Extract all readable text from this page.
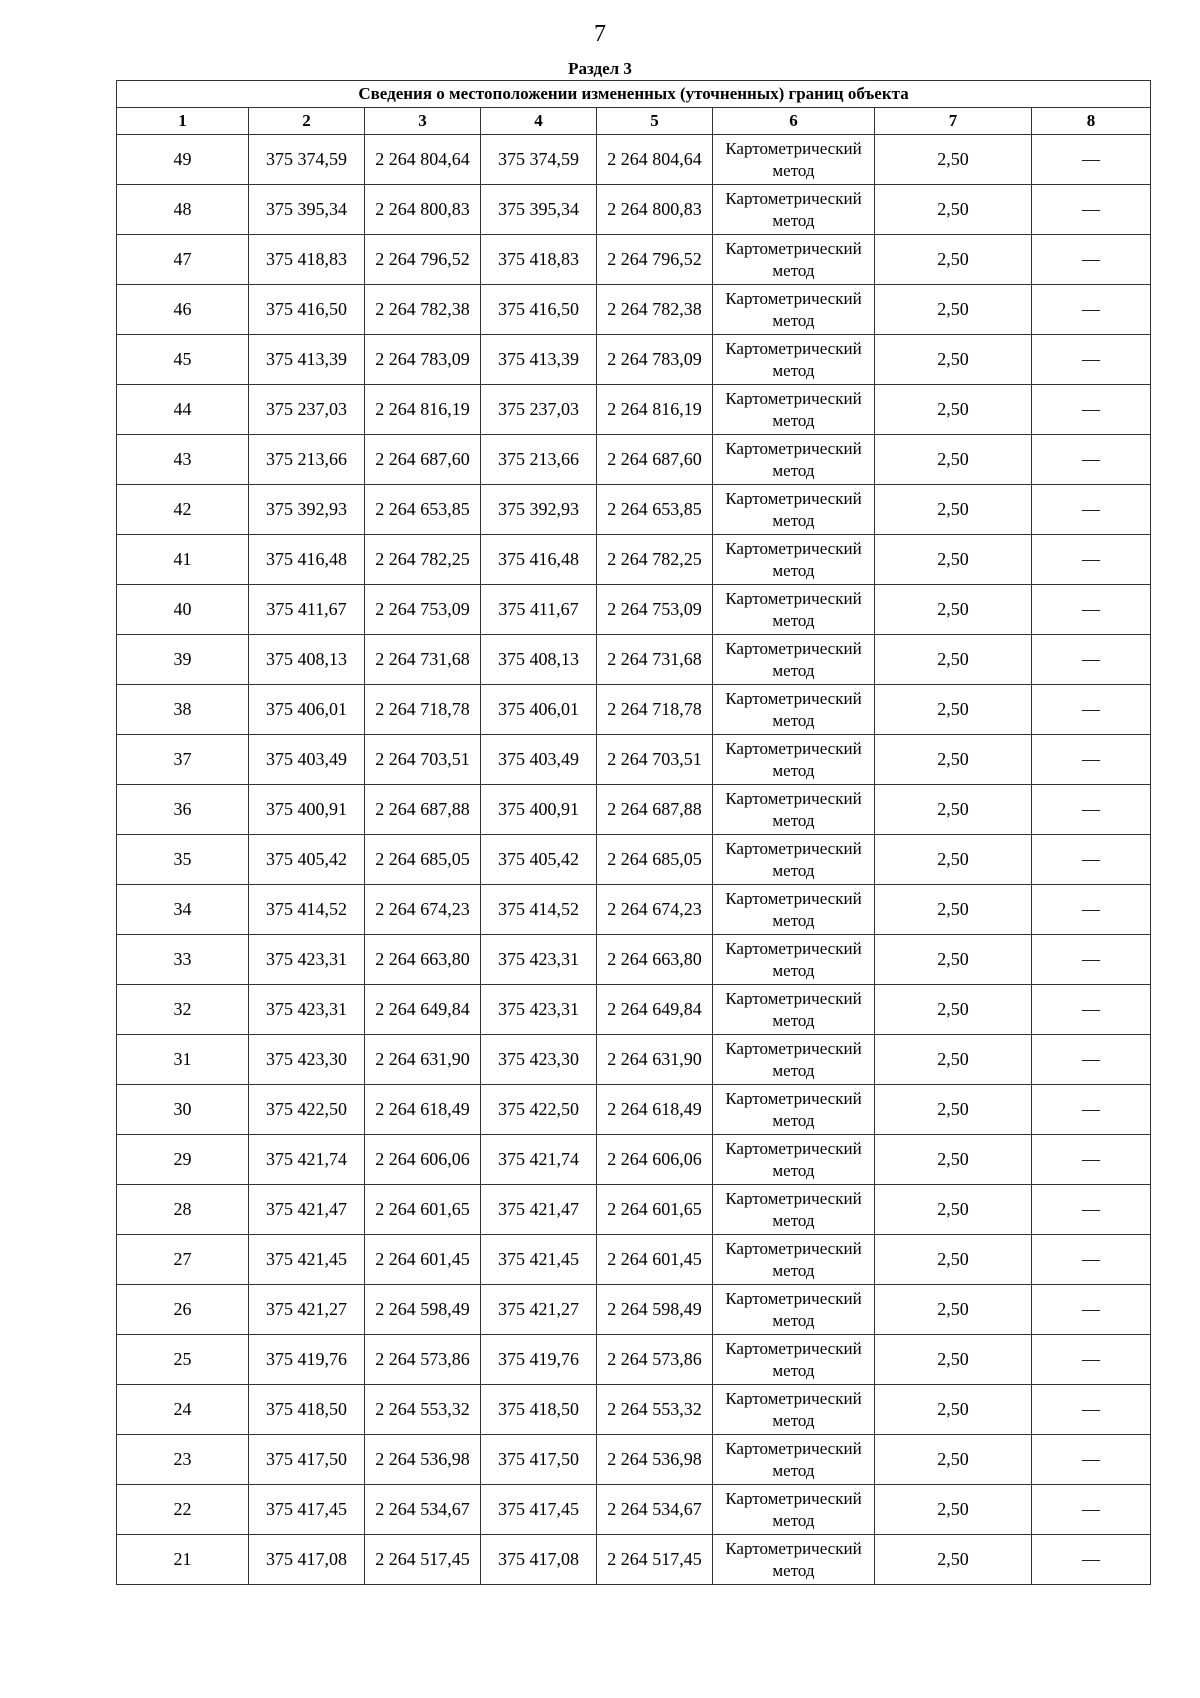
7
Раздел 3
Сведения о местоположении измененных (уточненных) границ объекта							
1	2	3	4	5	6	7	8
49	375 374,59	2 264 804,64	375 374,59	2 264 804,64	Картометрический метод	2,50	—
48	375 395,34	2 264 800,83	375 395,34	2 264 800,83	Картометрический метод	2,50	—
47	375 418,83	2 264 796,52	375 418,83	2 264 796,52	Картометрический метод	2,50	—
46	375 416,50	2 264 782,38	375 416,50	2 264 782,38	Картометрический метод	2,50	—
45	375 413,39	2 264 783,09	375 413,39	2 264 783,09	Картометрический метод	2,50	—
44	375 237,03	2 264 816,19	375 237,03	2 264 816,19	Картометрический метод	2,50	—
43	375 213,66	2 264 687,60	375 213,66	2 264 687,60	Картометрический метод	2,50	—
42	375 392,93	2 264 653,85	375 392,93	2 264 653,85	Картометрический метод	2,50	—
41	375 416,48	2 264 782,25	375 416,48	2 264 782,25	Картометрический метод	2,50	—
40	375 411,67	2 264 753,09	375 411,67	2 264 753,09	Картометрический метод	2,50	—
39	375 408,13	2 264 731,68	375 408,13	2 264 731,68	Картометрический метод	2,50	—
38	375 406,01	2 264 718,78	375 406,01	2 264 718,78	Картометрический метод	2,50	—
37	375 403,49	2 264 703,51	375 403,49	2 264 703,51	Картометрический метод	2,50	—
36	375 400,91	2 264 687,88	375 400,91	2 264 687,88	Картометрический метод	2,50	—
35	375 405,42	2 264 685,05	375 405,42	2 264 685,05	Картометрический метод	2,50	—
34	375 414,52	2 264 674,23	375 414,52	2 264 674,23	Картометрический метод	2,50	—
33	375 423,31	2 264 663,80	375 423,31	2 264 663,80	Картометрический метод	2,50	—
32	375 423,31	2 264 649,84	375 423,31	2 264 649,84	Картометрический метод	2,50	—
31	375 423,30	2 264 631,90	375 423,30	2 264 631,90	Картометрический метод	2,50	—
30	375 422,50	2 264 618,49	375 422,50	2 264 618,49	Картометрический метод	2,50	—
29	375 421,74	2 264 606,06	375 421,74	2 264 606,06	Картометрический метод	2,50	—
28	375 421,47	2 264 601,65	375 421,47	2 264 601,65	Картометрический метод	2,50	—
27	375 421,45	2 264 601,45	375 421,45	2 264 601,45	Картометрический метод	2,50	—
26	375 421,27	2 264 598,49	375 421,27	2 264 598,49	Картометрический метод	2,50	—
25	375 419,76	2 264 573,86	375 419,76	2 264 573,86	Картометрический метод	2,50	—
24	375 418,50	2 264 553,32	375 418,50	2 264 553,32	Картометрический метод	2,50	—
23	375 417,50	2 264 536,98	375 417,50	2 264 536,98	Картометрический метод	2,50	—
22	375 417,45	2 264 534,67	375 417,45	2 264 534,67	Картометрический метод	2,50	—
21	375 417,08	2 264 517,45	375 417,08	2 264 517,45	Картометрический метод	2,50	—
